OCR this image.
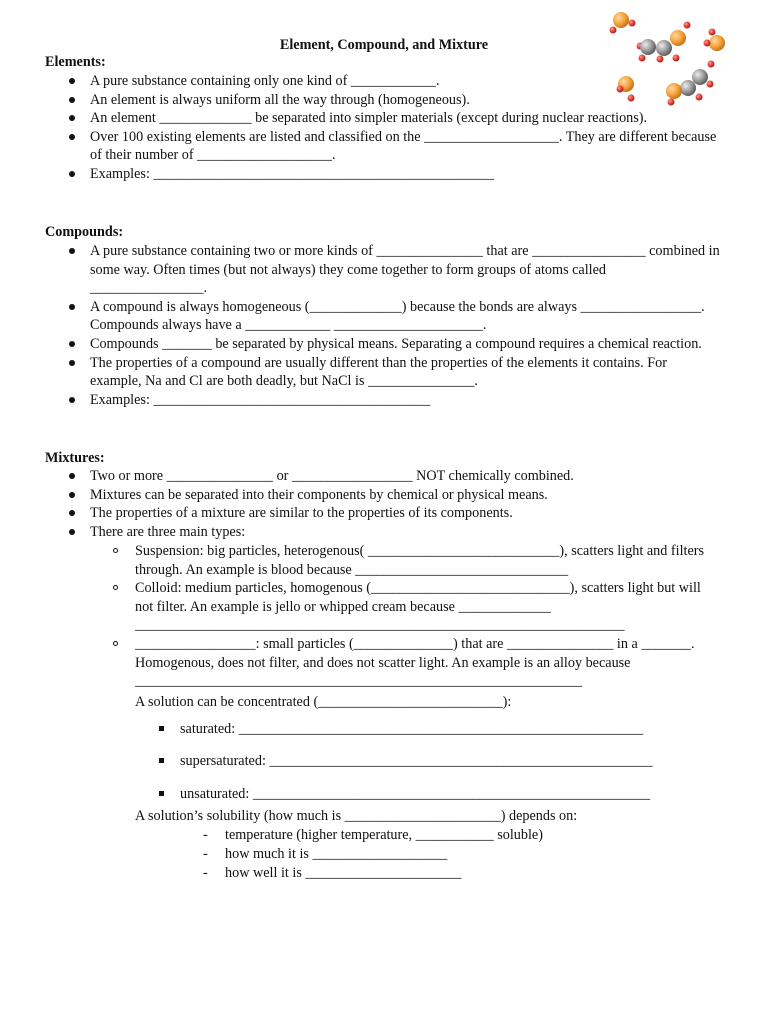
Element, Compound, and Mixture
Elements:
A pure substance containing only one kind of ____________.
An element is always uniform all the way through (homogeneous).
An element _____________ be separated into simpler materials (except during nuclear reactions).
Over 100 existing elements are listed and classified on the ___________________. They are different because of their number of ___________________.
Examples: ________________________________________________
Compounds:
A pure substance containing two or more kinds of _______________ that are ________________ combined in some way. Often times (but not always) they come together to form groups of atoms called ________________.
A compound is always homogeneous (_____________) because the bonds are always _________________. Compounds always have a ____________ _____________________.
Compounds _______ be separated by physical means. Separating a compound requires a chemical reaction.
The properties of a compound are usually different than the properties of the elements it contains. For example, Na and Cl are both deadly, but NaCl is _______________.
Examples: _______________________________________
Mixtures:
Two or more _______________ or _________________ NOT chemically combined.
Mixtures can be separated into their components by chemical or physical means.
The properties of a mixture are similar to the properties of its components.
There are three main types:
Suspension: big particles, heterogenous( ___________________________), scatters light and filters through. An example is blood because ______________________________
Colloid: medium particles, homogenous (____________________________), scatters light but will not filter. An example is jello or whipped cream because _____________ _____________________________________________________________________
_________________: small particles (______________) that are _______________ in a _______. Homogenous, does not filter, and does not scatter light. An example is an alloy because _______________________________________________________________
A solution can be concentrated (__________________________):
saturated: _________________________________________________________
supersaturated: ______________________________________________________
unsaturated: ________________________________________________________
A solution’s solubility (how much is ______________________) depends on:
-
temperature (higher temperature, ___________ soluble)
-
how much it is ___________________
-
how well it is ______________________
